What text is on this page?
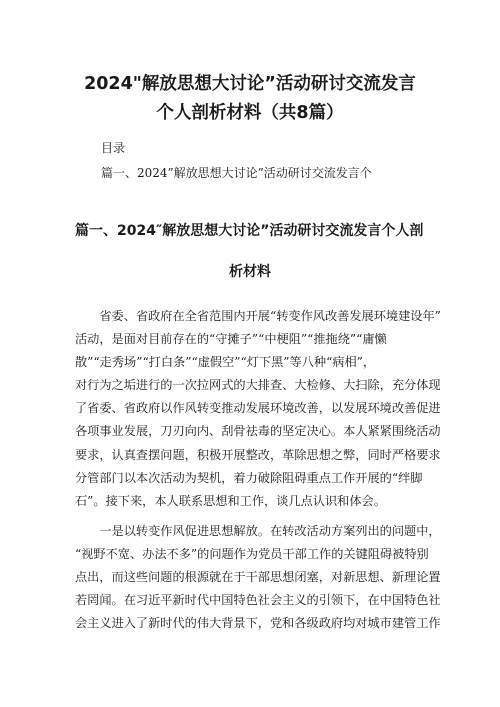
2024"解放思想大讨论”活动研讨交流发言
个人剖析材料（共8篇）
目录
篇一、2024”解放思想大讨论”活动研讨交流发言个
篇一、2024″解放思想大讨论”活动研讨交流发言个人剖
析材料
　　省委、省政府在全省范围内开展“转变作风改善发展环境建设年”
活动，是面对目前存在的“守摊子”“中梗阻”“推拖绕”“庸懒
散”“走秀场”“打白条”“虚假空”“灯下黑”等八种“病相”，
对行为之垢进行的一次拉网式的大排查、大检修、大扫除，充分体现
了省委、省政府以作风转变推动发展环境改善，以发展环境改善促进
各项事业发展，刀刃向内、刮骨祛毒的坚定决心。本人紧紧围绕活动
要求，认真查摆问题，积极开展整改，革除思想之弊，同时严格要求
分管部门以本次活动为契机，着力破除阻碍重点工作开展的“绊脚
石”。接下来，本人联系思想和工作，谈几点认识和体会。
　　一是以转变作风促进思想解放。在转改活动方案列出的问题中，
“视野不宽、办法不多”的问题作为党员干部工作的关键阻碍被特别
点出，而这些问题的根源就在于干部思想闭塞，对新思想、新理论置
若罔闻。在习近平新时代中国特色社会主义的引领下，在中国特色社
会主义进入了新时代的伟大背景下，党和各级政府均对城市建管工作
